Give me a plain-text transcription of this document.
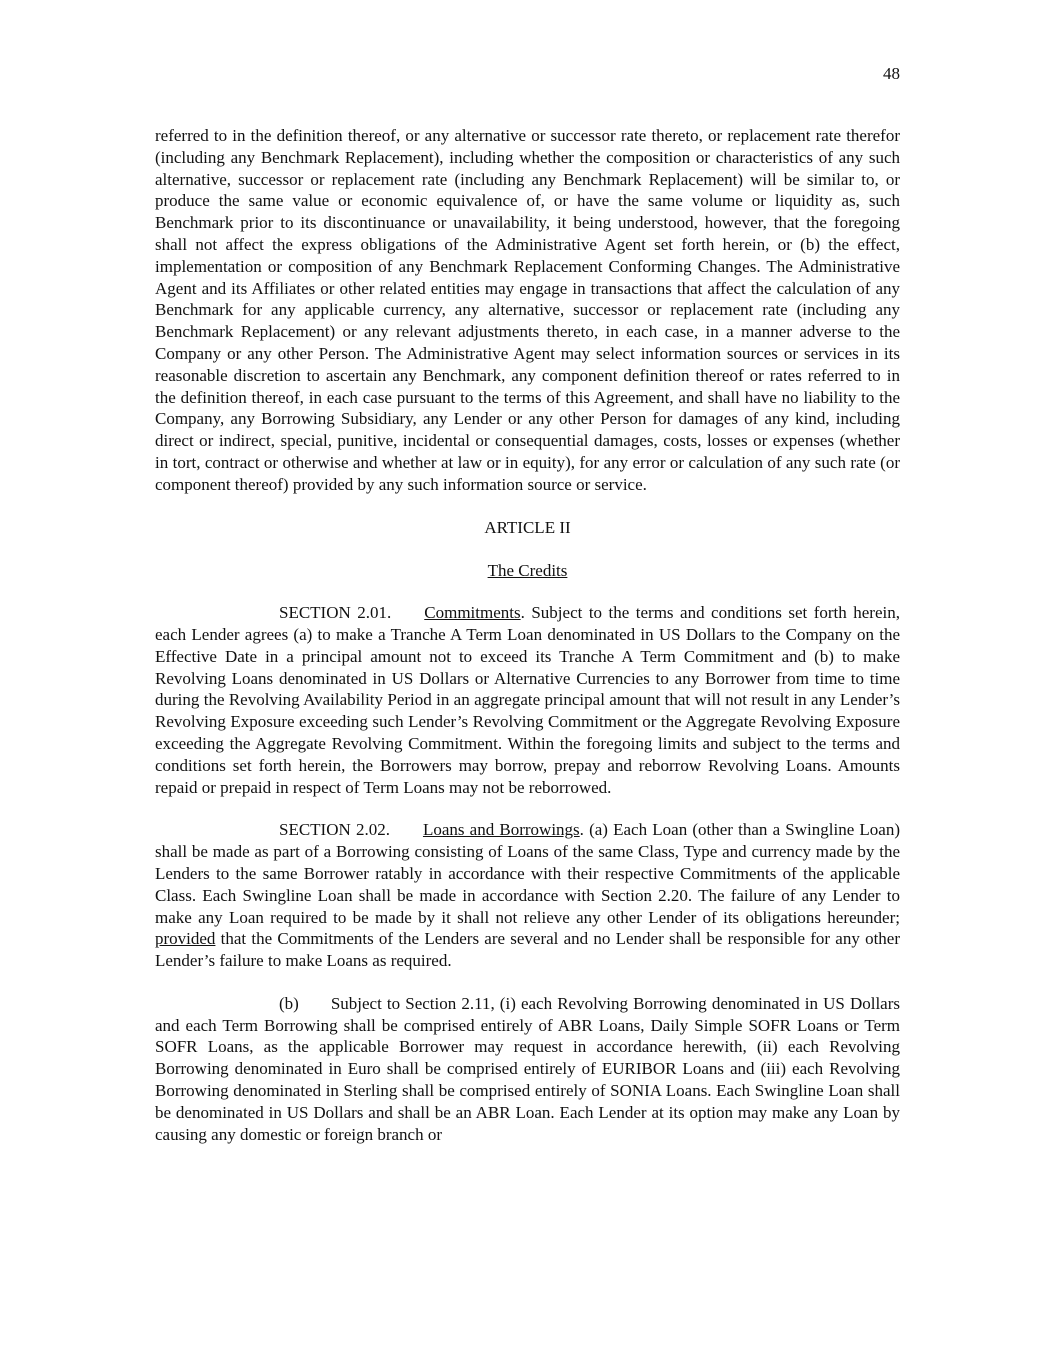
48

referred to in the definition thereof, or any alternative or successor rate thereto, or replacement rate therefor (including any Benchmark Replacement), including whether the composition or characteristics of any such alternative, successor or replacement rate (including any Benchmark Replacement) will be similar to, or produce the same value or economic equivalence of, or have the same volume or liquidity as, such Benchmark prior to its discontinuance or unavailability, it being understood, however, that the foregoing shall not affect the express obligations of the Administrative Agent set forth herein, or (b) the effect, implementation or composition of any Benchmark Replacement Conforming Changes. The Administrative Agent and its Affiliates or other related entities may engage in transactions that affect the calculation of any Benchmark for any applicable currency, any alternative, successor or replacement rate (including any Benchmark Replacement) or any relevant adjustments thereto, in each case, in a manner adverse to the Company or any other Person. The Administrative Agent may select information sources or services in its reasonable discretion to ascertain any Benchmark, any component definition thereof or rates referred to in the definition thereof, in each case pursuant to the terms of this Agreement, and shall have no liability to the Company, any Borrowing Subsidiary, any Lender or any other Person for damages of any kind, including direct or indirect, special, punitive, incidental or consequential damages, costs, losses or expenses (whether in tort, contract or otherwise and whether at law or in equity), for any error or calculation of any such rate (or component thereof) provided by any such information source or service.

ARTICLE II

The Credits

SECTION 2.01. Commitments. Subject to the terms and conditions set forth herein, each Lender agrees (a) to make a Tranche A Term Loan denominated in US Dollars to the Company on the Effective Date in a principal amount not to exceed its Tranche A Term Commitment and (b) to make Revolving Loans denominated in US Dollars or Alternative Currencies to any Borrower from time to time during the Revolving Availability Period in an aggregate principal amount that will not result in any Lender’s Revolving Exposure exceeding such Lender’s Revolving Commitment or the Aggregate Revolving Exposure exceeding the Aggregate Revolving Commitment. Within the foregoing limits and subject to the terms and conditions set forth herein, the Borrowers may borrow, prepay and reborrow Revolving Loans. Amounts repaid or prepaid in respect of Term Loans may not be reborrowed.

SECTION 2.02. Loans and Borrowings. (a) Each Loan (other than a Swingline Loan) shall be made as part of a Borrowing consisting of Loans of the same Class, Type and currency made by the Lenders to the same Borrower ratably in accordance with their respective Commitments of the applicable Class. Each Swingline Loan shall be made in accordance with Section 2.20. The failure of any Lender to make any Loan required to be made by it shall not relieve any other Lender of its obligations hereunder; provided that the Commitments of the Lenders are several and no Lender shall be responsible for any other Lender’s failure to make Loans as required.

(b) Subject to Section 2.11, (i) each Revolving Borrowing denominated in US Dollars and each Term Borrowing shall be comprised entirely of ABR Loans, Daily Simple SOFR Loans or Term SOFR Loans, as the applicable Borrower may request in accordance herewith, (ii) each Revolving Borrowing denominated in Euro shall be comprised entirely of EURIBOR Loans and (iii) each Revolving Borrowing denominated in Sterling shall be comprised entirely of SONIA Loans. Each Swingline Loan shall be denominated in US Dollars and shall be an ABR Loan. Each Lender at its option may make any Loan by causing any domestic or foreign branch or
